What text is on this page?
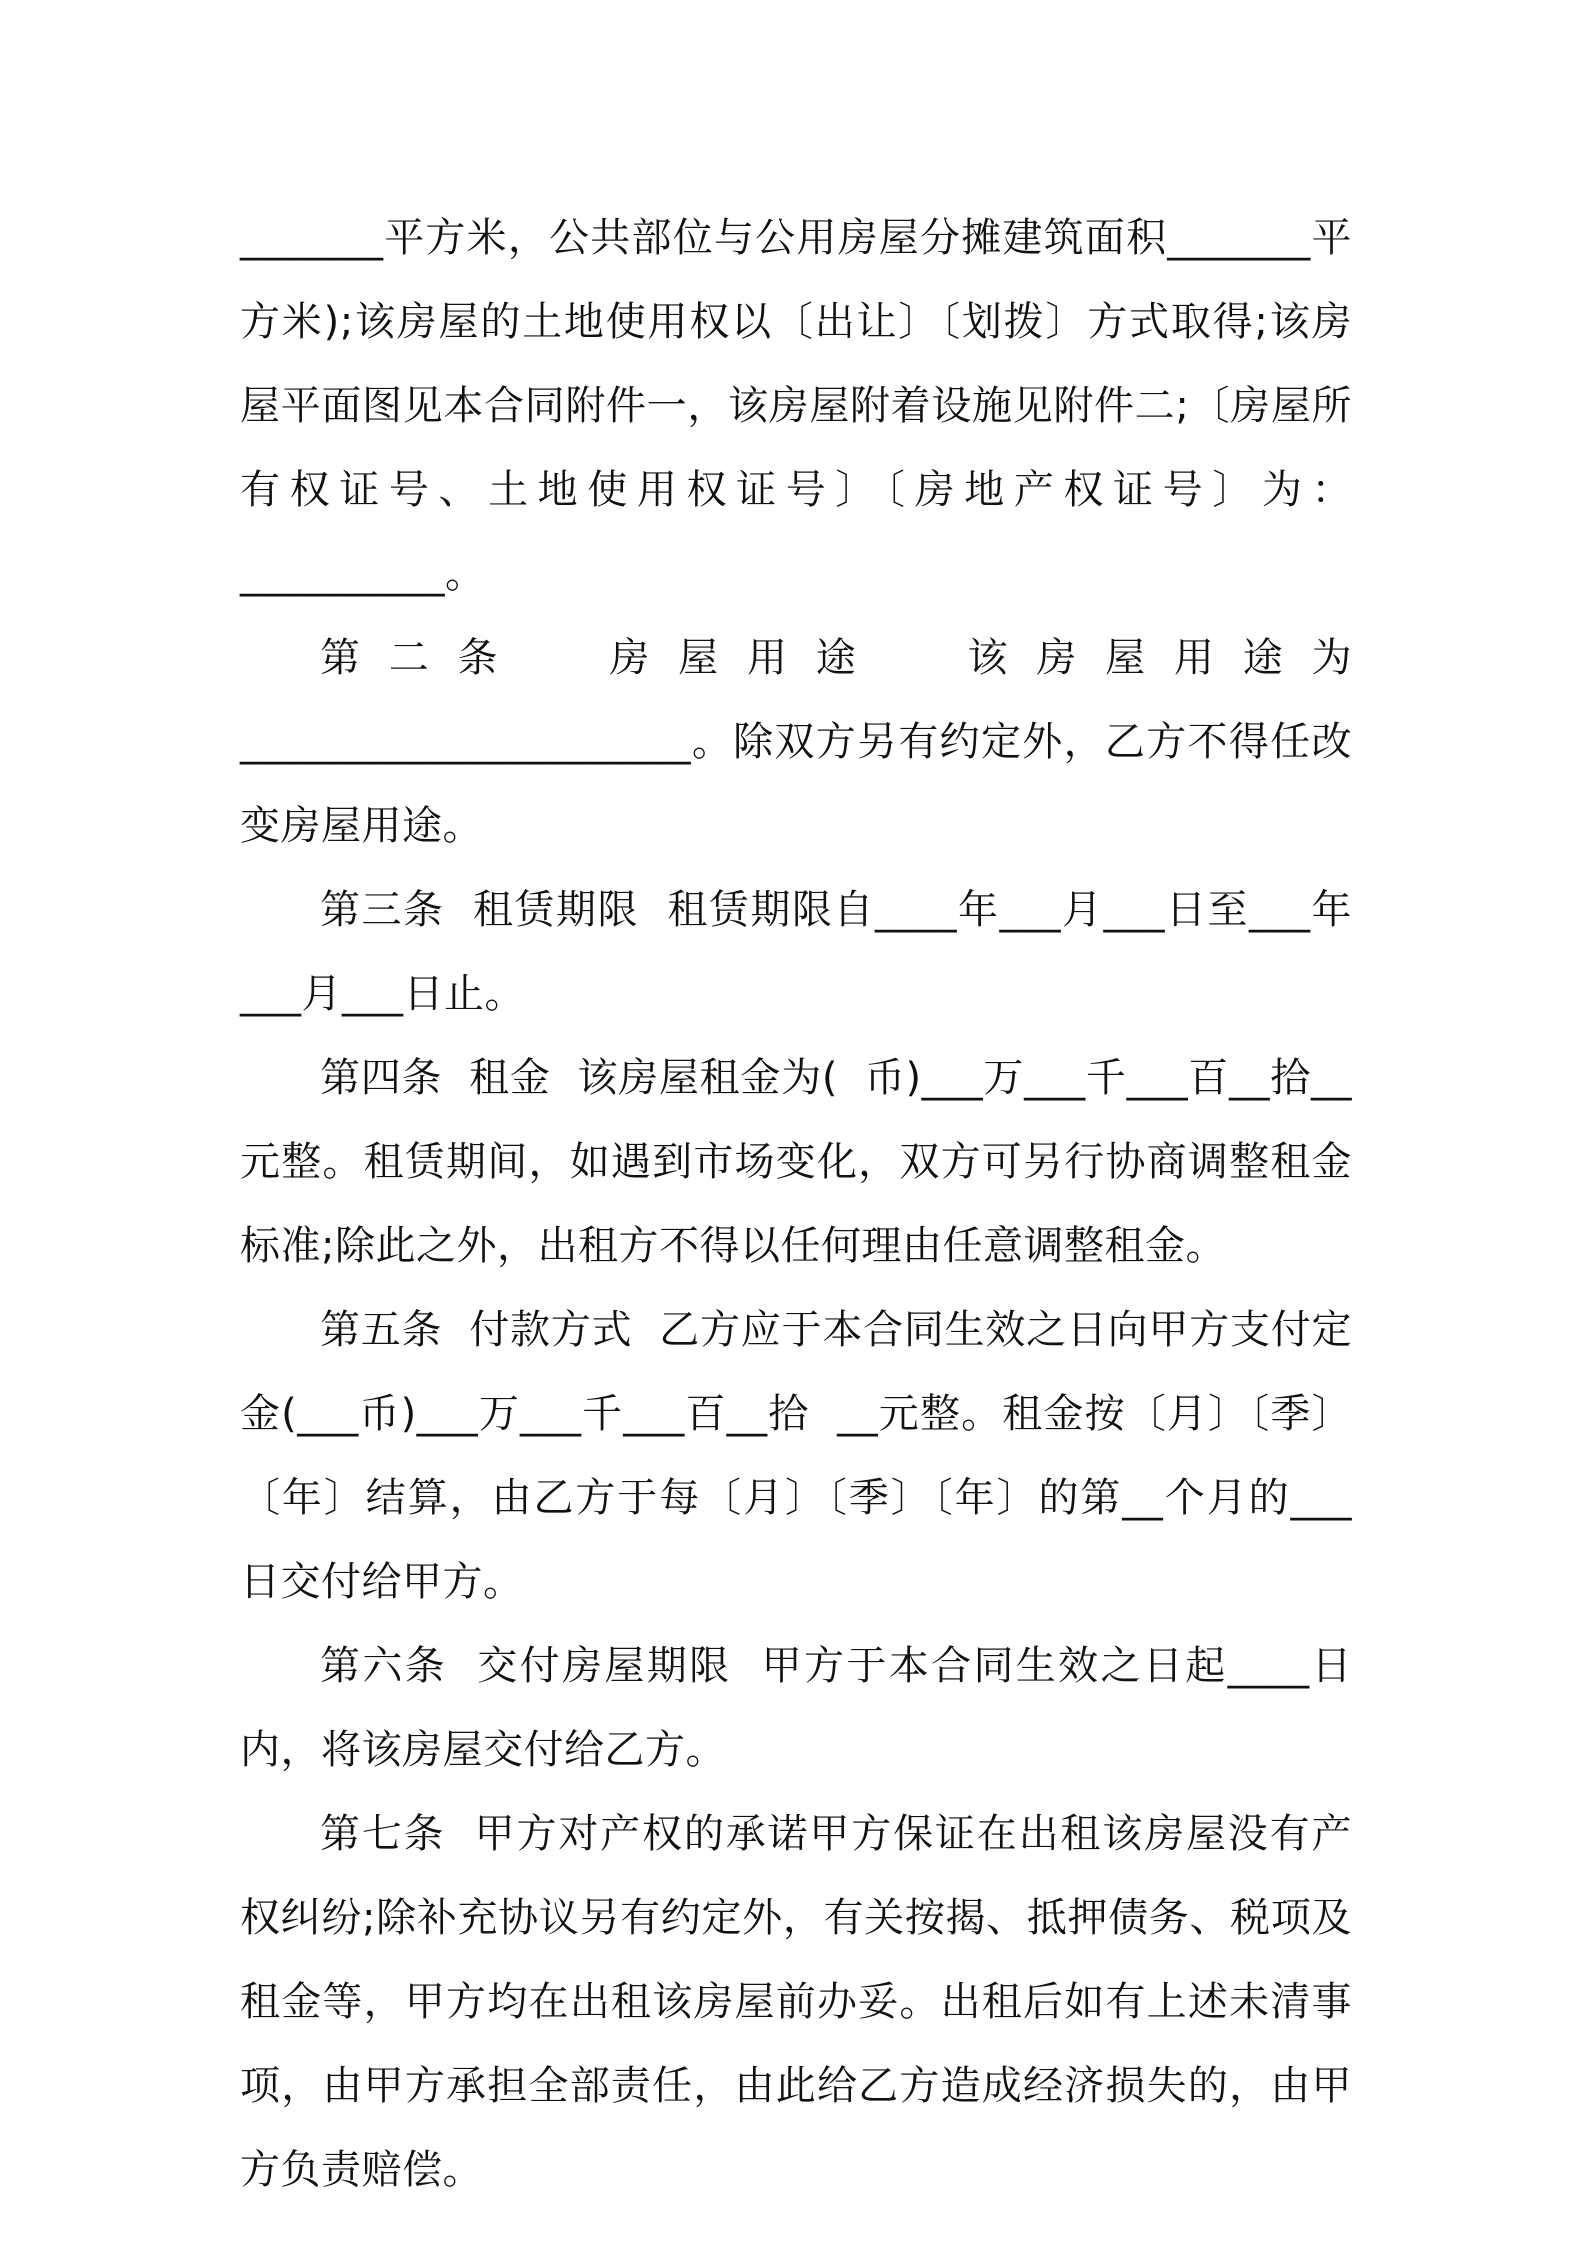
_______平方米，公共部位与公用房屋分摊建筑面积_______平方米);该房屋的土地使用权以〔出让〕〔划拨〕方式取得;该房屋平面图见本合同附件一，该房屋附着设施见附件二;〔房屋所有权证号、土地使用权证号〕〔房地产权证号〕为：__________。

第二条  房屋用途  该房屋用途为______________________。除双方另有约定外，乙方不得任改变房屋用途。

第三条  租赁期限  租赁期限自____年___月___日至___年___月___日止。

第四条  租金  该房屋租金为(  币)___万___千___百__拾__元整。租赁期间，如遇到市场变化，双方可另行协商调整租金标准;除此之外，出租方不得以任何理由任意调整租金。

第五条  付款方式  乙方应于本合同生效之日向甲方支付定金(___币)___万___千___百__拾  __元整。租金按〔月〕〔季〕〔年〕结算，由乙方于每〔月〕〔季〕〔年〕的第__个月的___日交付给甲方。

第六条  交付房屋期限  甲方于本合同生效之日起____日内，将该房屋交付给乙方。

第七条  甲方对产权的承诺甲方保证在出租该房屋没有产权纠纷;除补充协议另有约定外，有关按揭、抵押债务、税项及租金等，甲方均在出租该房屋前办妥。出租后如有上述未清事项，由甲方承担全部责任，由此给乙方造成经济损失的，由甲方负责赔偿。
